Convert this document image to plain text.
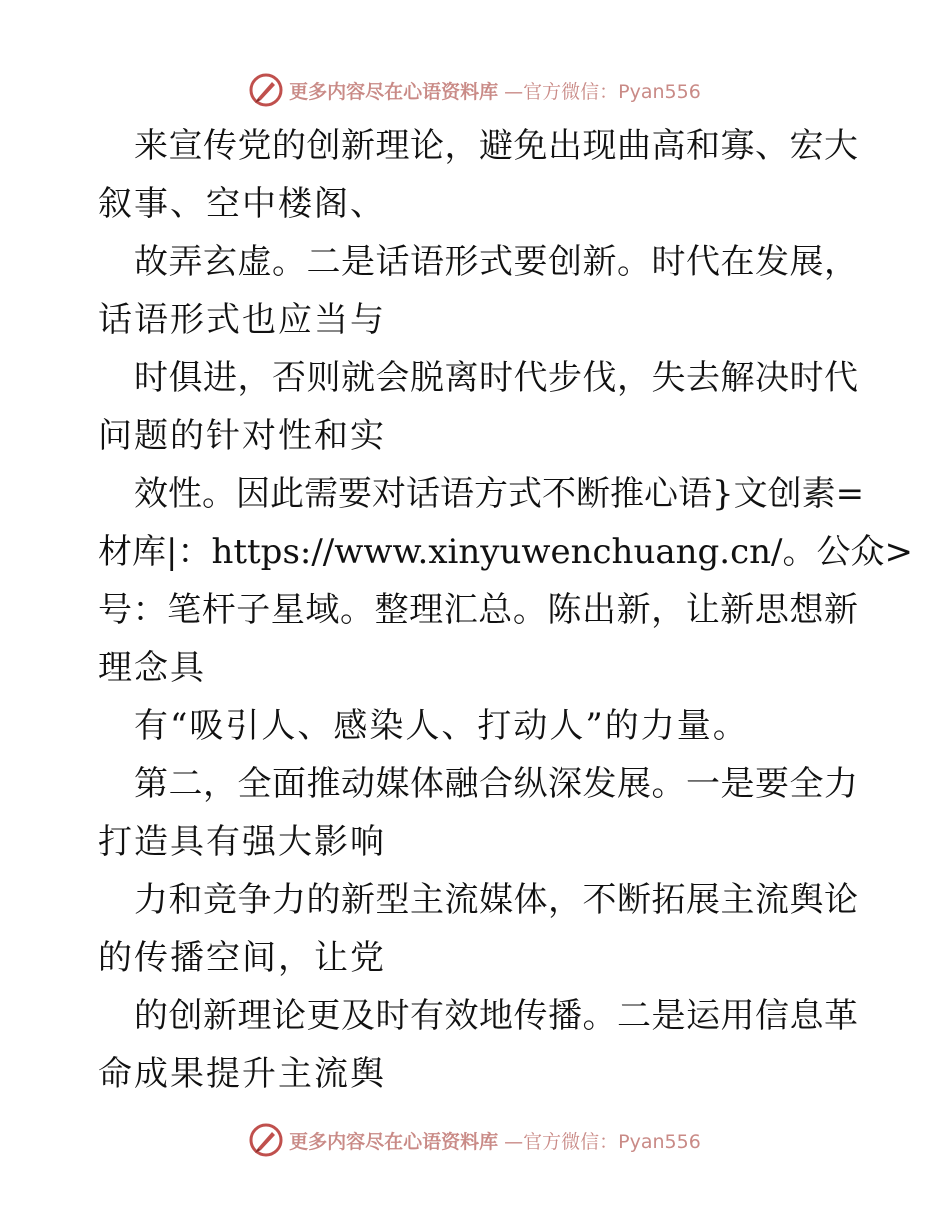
更多内容尽在心语资料库 —官方微信：Pyan556
来宣传党的创新理论，避免出现曲高和寡、宏大
叙事、空中楼阁、
故弄玄虚。二是话语形式要创新。时代在发展，
话语形式也应当与
时俱进，否则就会脱离时代步伐，失去解决时代
问题的针对性和实
效性。因此需要对话语方式不断推心语}文创素=
材库|：https://www.xinyuwenchuang.cn/。公众>
号：笔杆子星域。整理汇总。陈出新，让新思想新
理念具
有“吸引人、感染人、打动人”的力量。
第二，全面推动媒体融合纵深发展。一是要全力
打造具有强大影响
力和竞争力的新型主流媒体，不断拓展主流舆论
的传播空间，让党
的创新理论更及时有效地传播。二是运用信息革
命成果提升主流舆
更多内容尽在心语资料库 —官方微信：Pyan556
